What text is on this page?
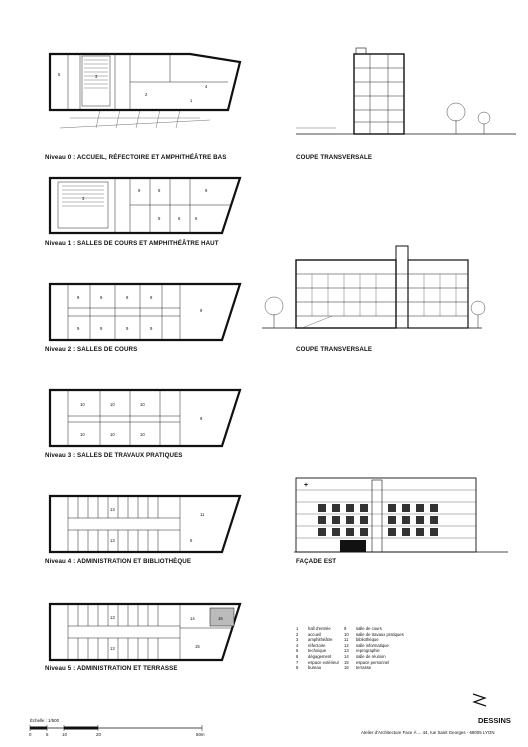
5	3
4
2
1
Niveau 0 : ACCUEIL, RÉFECTOIRE ET AMPHITHÉÂTRE BAS
3
9	9	9
9	6	6
Niveau 1 : SALLES DE COURS ET AMPHITHÉÂTRE HAUT
9	9	9	9
9	9	9	9
9
Niveau 2 : SALLES DE COURS
10	10	10
10	10	10
9
Niveau 3 : SALLES DE TRAVAUX PRATIQUES
13
13
11
6
Niveau 4 : ADMINISTRATION ET BIBLIOTHÈQUE
13
13
14
15
16
Niveau 5 : ADMINISTRATION ET TERRASSE
COUPE TRANSVERSALE
COUPE TRANSVERSALE
+
FAÇADE EST
1	hall d'entrée
2	accueil
3	amphithéâtre
4	réfectoire
5	technique
6	dégagement
7	espace extérieur
8	bureau
9	salle de cours
10	salle de travaux pratiques
11	bibliothèque
12	salle informatique
13	reprographie
14	salle de réunion
15	espace personnel
16	terrasse
Échelle : 1/500
0	5	10	20	50m
DESSINS
Atelier d'Architecture Face À ... 44, rue Saint Georges - 69005 LYON
